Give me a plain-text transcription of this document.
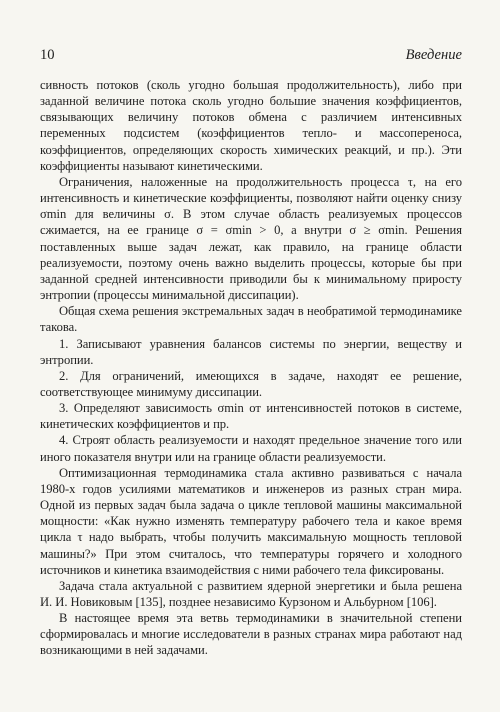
10	Введение

сивность потоков (сколь угодно большая продолжительность), либо при заданной величине потока сколь угодно большие значения коэффициентов, связывающих величину потоков обмена с различием интенсивных переменных подсистем (коэффициентов тепло- и массопереноса, коэффициентов, определяющих скорость химических реакций, и пр.). Эти коэффициенты называют кинетическими.

Ограничения, наложенные на продолжительность процесса τ, на его интенсивность и кинетические коэффициенты, позволяют найти оценку снизу σmin для величины σ. В этом случае область реализуемых процессов сжимается, на ее границе σ = σmin > 0, а внутри σ ≥ σmin. Решения поставленных выше задач лежат, как правило, на границе области реализуемости, поэтому очень важно выделить процессы, которые бы при заданной средней интенсивности приводили бы к минимальному приросту энтропии (процессы минимальной диссипации).

Общая схема решения экстремальных задач в необратимой термодинамике такова.

1. Записывают уравнения балансов системы по энергии, веществу и энтропии.

2. Для ограничений, имеющихся в задаче, находят ее решение, соответствующее минимуму диссипации.

3. Определяют зависимость σmin от интенсивностей потоков в системе, кинетических коэффициентов и пр.

4. Строят область реализуемости и находят предельное значение того или иного показателя внутри или на границе области реализуемости.

Оптимизационная термодинамика стала активно развиваться с начала 1980-х годов усилиями математиков и инженеров из разных стран мира. Одной из первых задач была задача о цикле тепловой машины максимальной мощности: «Как нужно изменять температуру рабочего тела и какое время цикла τ надо выбрать, чтобы получить максимальную мощность тепловой машины?» При этом считалось, что температуры горячего и холодного источников и кинетика взаимодействия с ними рабочего тела фиксированы.

Задача стала актуальной с развитием ядерной энергетики и была решена И. И. Новиковым [135], позднее независимо Курзоном и Альбурном [106].

В настоящее время эта ветвь термодинамики в значительной степени сформировалась и многие исследователи в разных странах мира работают над возникающими в ней задачами.
